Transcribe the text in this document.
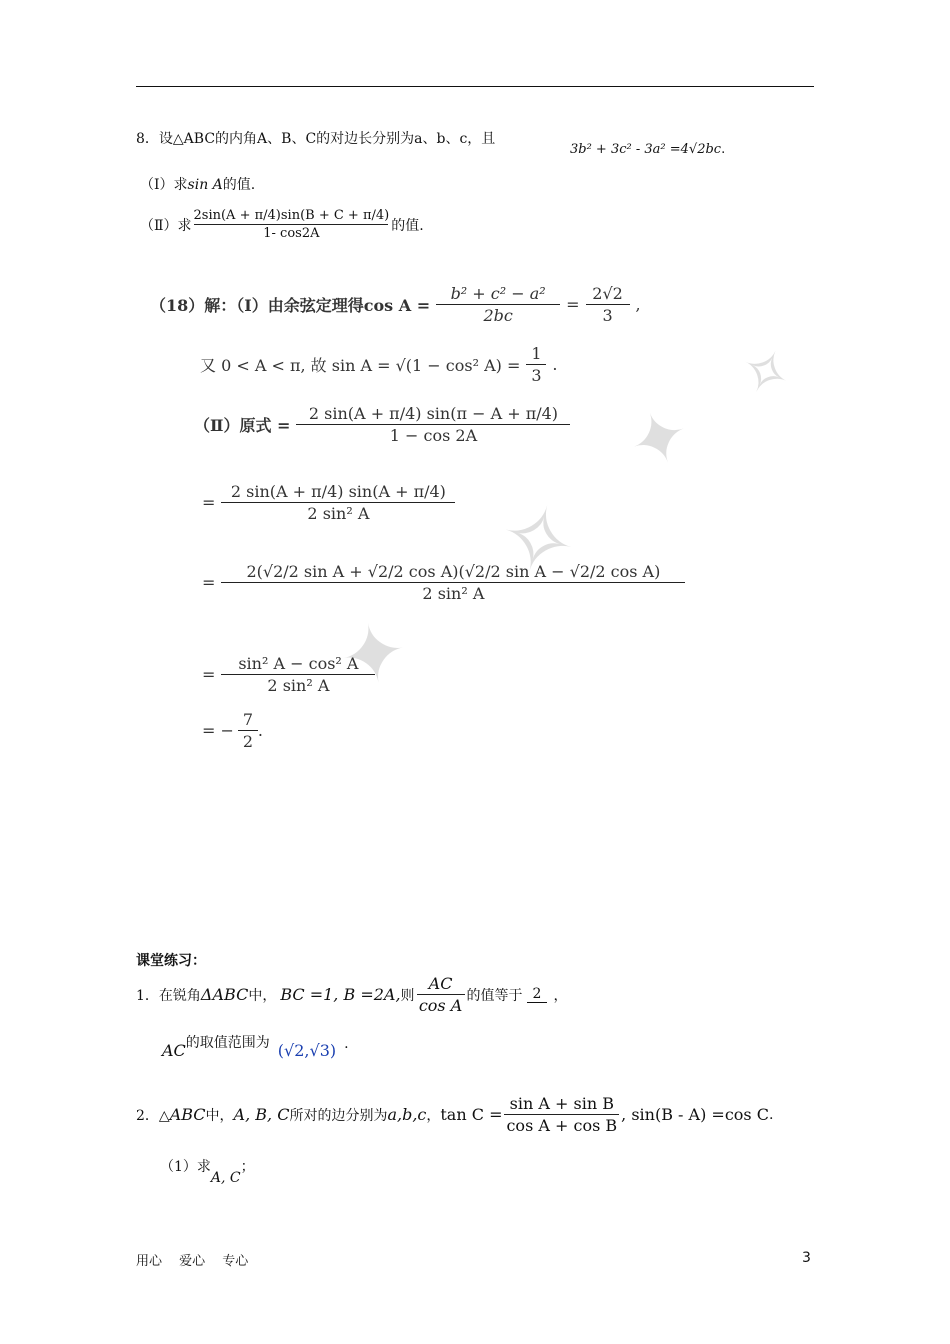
8．设△ABC的内角A、B、C的对边长分别为a、b、c，且
3b² + 3c² - 3a² =4√2bc.
（Ⅰ）求sin A的值.
（Ⅱ）求 $\frac{2\sin(A + \pi/4)\sin(B + C + \pi/4)}{1- \cos 2A}$ 的值.
✦
✧
✦
✧
（18）解：（Ⅰ）由余弦定理得$\cos A = \frac{\text{b² + c² − a²}}{2bc} = \frac{2√2}{3}$ ,
又 0 < A < π, 故 sin A = √(1 − cos² $A) = \frac{1}{3}$ .
（Ⅱ）原式 = $\frac{2 \sin(A + \pi/4) \sin(\pi - A + \pi/4)}{1 - \cos 2A}$
= $\frac{2 \sin(A + \pi/4) \sin(A + \pi/4)}{\text{2 sin² A}}$
= $\frac{\text{2(√2/2 sin A + √2/2 cos A)(√2/2 sin A − √2/2 cos A)}}{\text{2 sin² A}}$
= $\frac{\text{sin² A − cos² A}}{\text{2 sin² A}}$
= − $\frac{7}{2}$ .
课堂练习：
1．在锐角 ΔABC 中， BC =1, B =2A, 则 $\frac{AC}{\text{cos A}}$ 的值等于 2 ，
AC 的取值范围为 (√2,√3) .
2．△ ABC 中， A, B, C 所对的边分别为 a,b,c ， $\tan C = \frac{\text{sin A + sin B}}{\text{cos A + cos B}}$ , sin(B - A) =cos C .
（1）求
A, C
；
用心　 爱心　 专心	3
